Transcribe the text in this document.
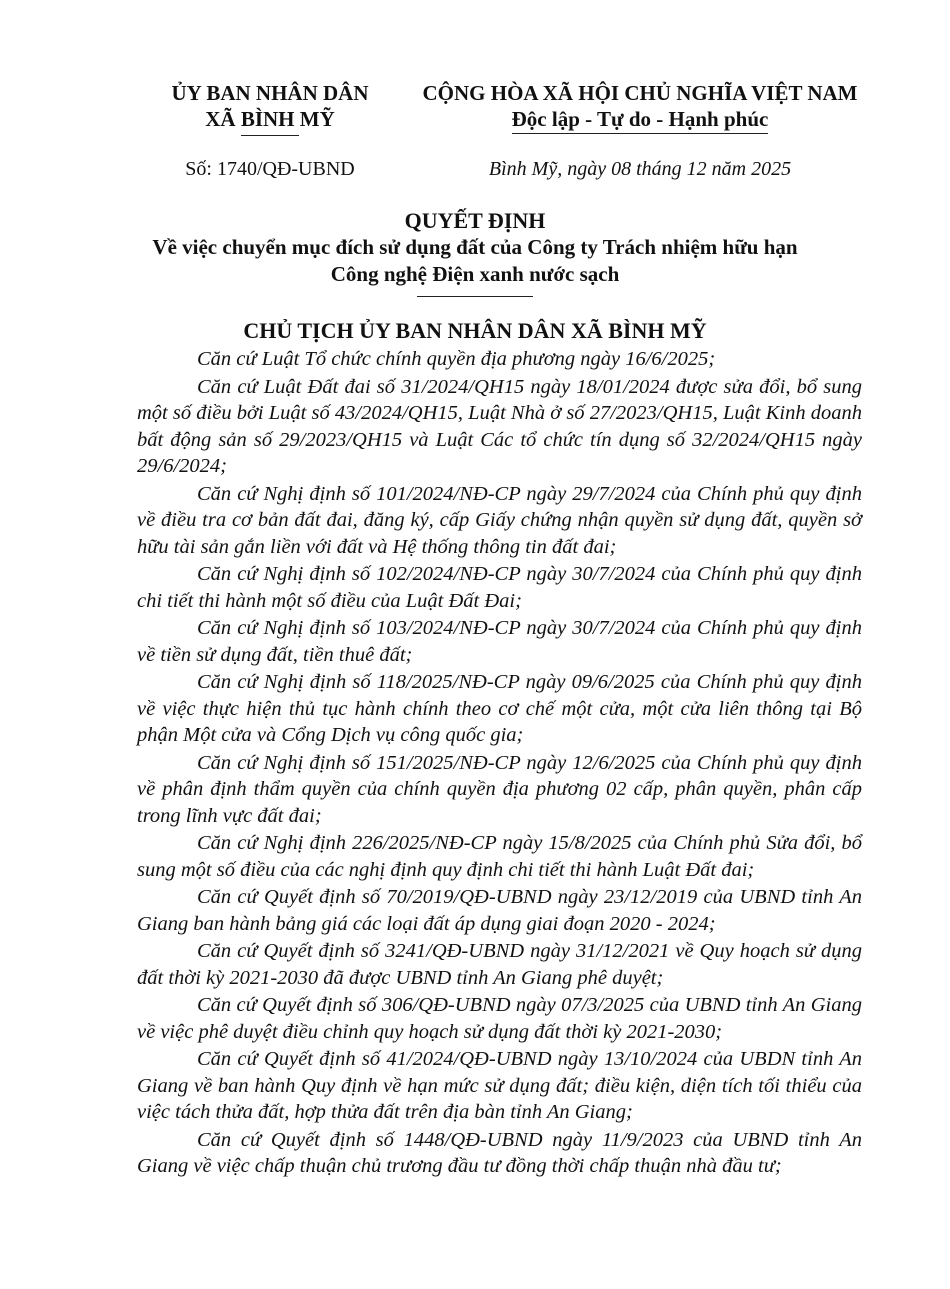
ỦY BAN NHÂN DÂN
XÃ BÌNH MỸ
CỘNG HÒA XÃ HỘI CHỦ NGHĨA VIỆT NAM
Độc lập - Tự do - Hạnh phúc
Số: 1740/QĐ-UBND	Bình Mỹ, ngày 08 tháng 12 năm 2025
QUYẾT ĐỊNH
Về việc chuyển mục đích sử dụng đất của Công ty Trách nhiệm hữu hạn
Công nghệ Điện xanh nước sạch
CHỦ TỊCH ỦY BAN NHÂN DÂN XÃ BÌNH MỸ

Căn cứ Luật Tổ chức chính quyền địa phương ngày 16/6/2025;

Căn cứ Luật Đất đai số 31/2024/QH15 ngày 18/01/2024 được sửa đổi, bổ sung một số điều bởi Luật số 43/2024/QH15, Luật Nhà ở số 27/2023/QH15, Luật Kinh doanh bất động sản số 29/2023/QH15 và Luật Các tổ chức tín dụng số 32/2024/QH15 ngày 29/6/2024;

Căn cứ Nghị định số 101/2024/NĐ-CP ngày 29/7/2024 của Chính phủ quy định về điều tra cơ bản đất đai, đăng ký, cấp Giấy chứng nhận quyền sử dụng đất, quyền sở hữu tài sản gắn liền với đất và Hệ thống thông tin đất đai;

Căn cứ Nghị định số 102/2024/NĐ-CP ngày 30/7/2024 của Chính phủ quy định chi tiết thi hành một số điều của Luật Đất Đai;

Căn cứ Nghị định số 103/2024/NĐ-CP ngày 30/7/2024 của Chính phủ quy định về tiền sử dụng đất, tiền thuê đất;

Căn cứ Nghị định số 118/2025/NĐ-CP ngày 09/6/2025 của Chính phủ quy định về việc thực hiện thủ tục hành chính theo cơ chế một cửa, một cửa liên thông tại Bộ phận Một cửa và Cổng Dịch vụ công quốc gia;

Căn cứ Nghị định số 151/2025/NĐ-CP ngày 12/6/2025 của Chính phủ quy định về phân định thẩm quyền của chính quyền địa phương 02 cấp, phân quyền, phân cấp trong lĩnh vực đất đai;

Căn cứ Nghị định 226/2025/NĐ-CP ngày 15/8/2025 của Chính phủ Sửa đổi, bổ sung một số điều của các nghị định quy định chi tiết thi hành Luật Đất đai;

Căn cứ Quyết định số 70/2019/QĐ-UBND ngày 23/12/2019 của UBND tỉnh An Giang ban hành bảng giá các loại đất áp dụng giai đoạn 2020 - 2024;

Căn cứ Quyết định số 3241/QĐ-UBND ngày 31/12/2021 về Quy hoạch sử dụng đất thời kỳ 2021-2030 đã được UBND tỉnh An Giang phê duyệt;

Căn cứ Quyết định số 306/QĐ-UBND ngày 07/3/2025 của UBND tỉnh An Giang về việc phê duyệt điều chỉnh quy hoạch sử dụng đất thời kỳ 2021-2030;

Căn cứ Quyết định số 41/2024/QĐ-UBND ngày 13/10/2024 của UBDN tỉnh An Giang về ban hành Quy định về hạn mức sử dụng đất; điều kiện, diện tích tối thiểu của việc tách thửa đất, hợp thửa đất trên địa bàn tỉnh An Giang;

Căn cứ Quyết định số 1448/QĐ-UBND ngày 11/9/2023 của UBND tỉnh An Giang về việc chấp thuận chủ trương đầu tư đồng thời chấp thuận nhà đầu tư;
